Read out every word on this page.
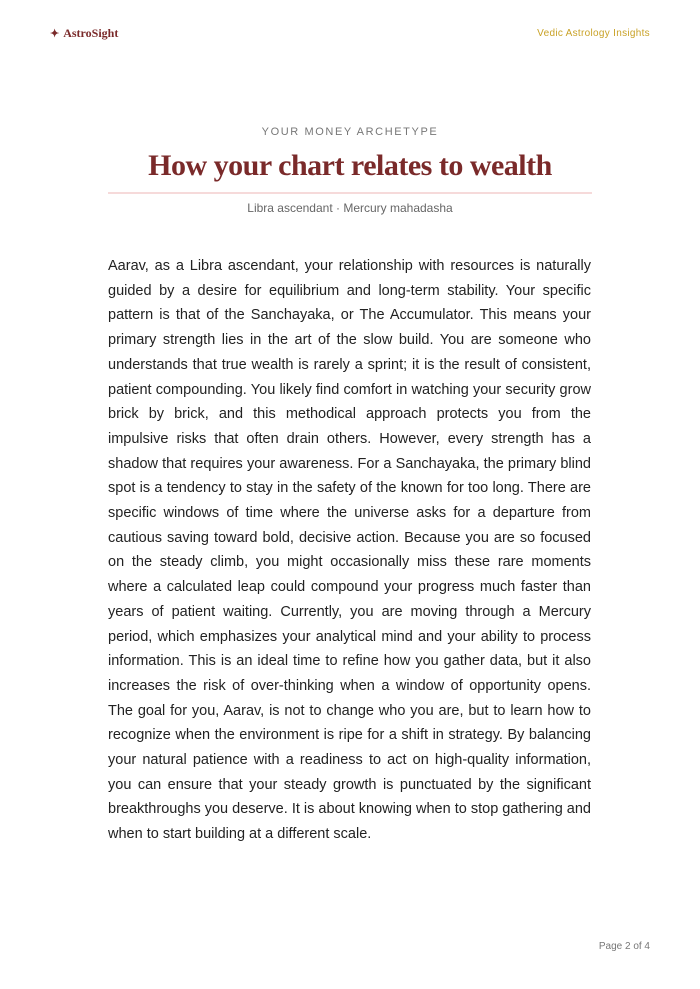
✦ AstroSight	Vedic Astrology Insights
YOUR MONEY ARCHETYPE
How your chart relates to wealth
Libra ascendant · Mercury mahadasha

Aarav, as a Libra ascendant, your relationship with resources is naturally guided by a desire for equilibrium and long-term stability. Your specific pattern is that of the Sanchayaka, or The Accumulator. This means your primary strength lies in the art of the slow build. You are someone who understands that true wealth is rarely a sprint; it is the result of consistent, patient compounding. You likely find comfort in watching your security grow brick by brick, and this methodical approach protects you from the impulsive risks that often drain others. However, every strength has a shadow that requires your awareness. For a Sanchayaka, the primary blind spot is a tendency to stay in the safety of the known for too long. There are specific windows of time where the universe asks for a departure from cautious saving toward bold, decisive action. Because you are so focused on the steady climb, you might occasionally miss these rare moments where a calculated leap could compound your progress much faster than years of patient waiting. Currently, you are moving through a Mercury period, which emphasizes your analytical mind and your ability to process information. This is an ideal time to refine how you gather data, but it also increases the risk of over-thinking when a window of opportunity opens. The goal for you, Aarav, is not to change who you are, but to learn how to recognize when the environment is ripe for a shift in strategy. By balancing your natural patience with a readiness to act on high-quality information, you can ensure that your steady growth is punctuated by the significant breakthroughs you deserve. It is about knowing when to stop gathering and when to start building at a different scale.

Page 2 of 4
